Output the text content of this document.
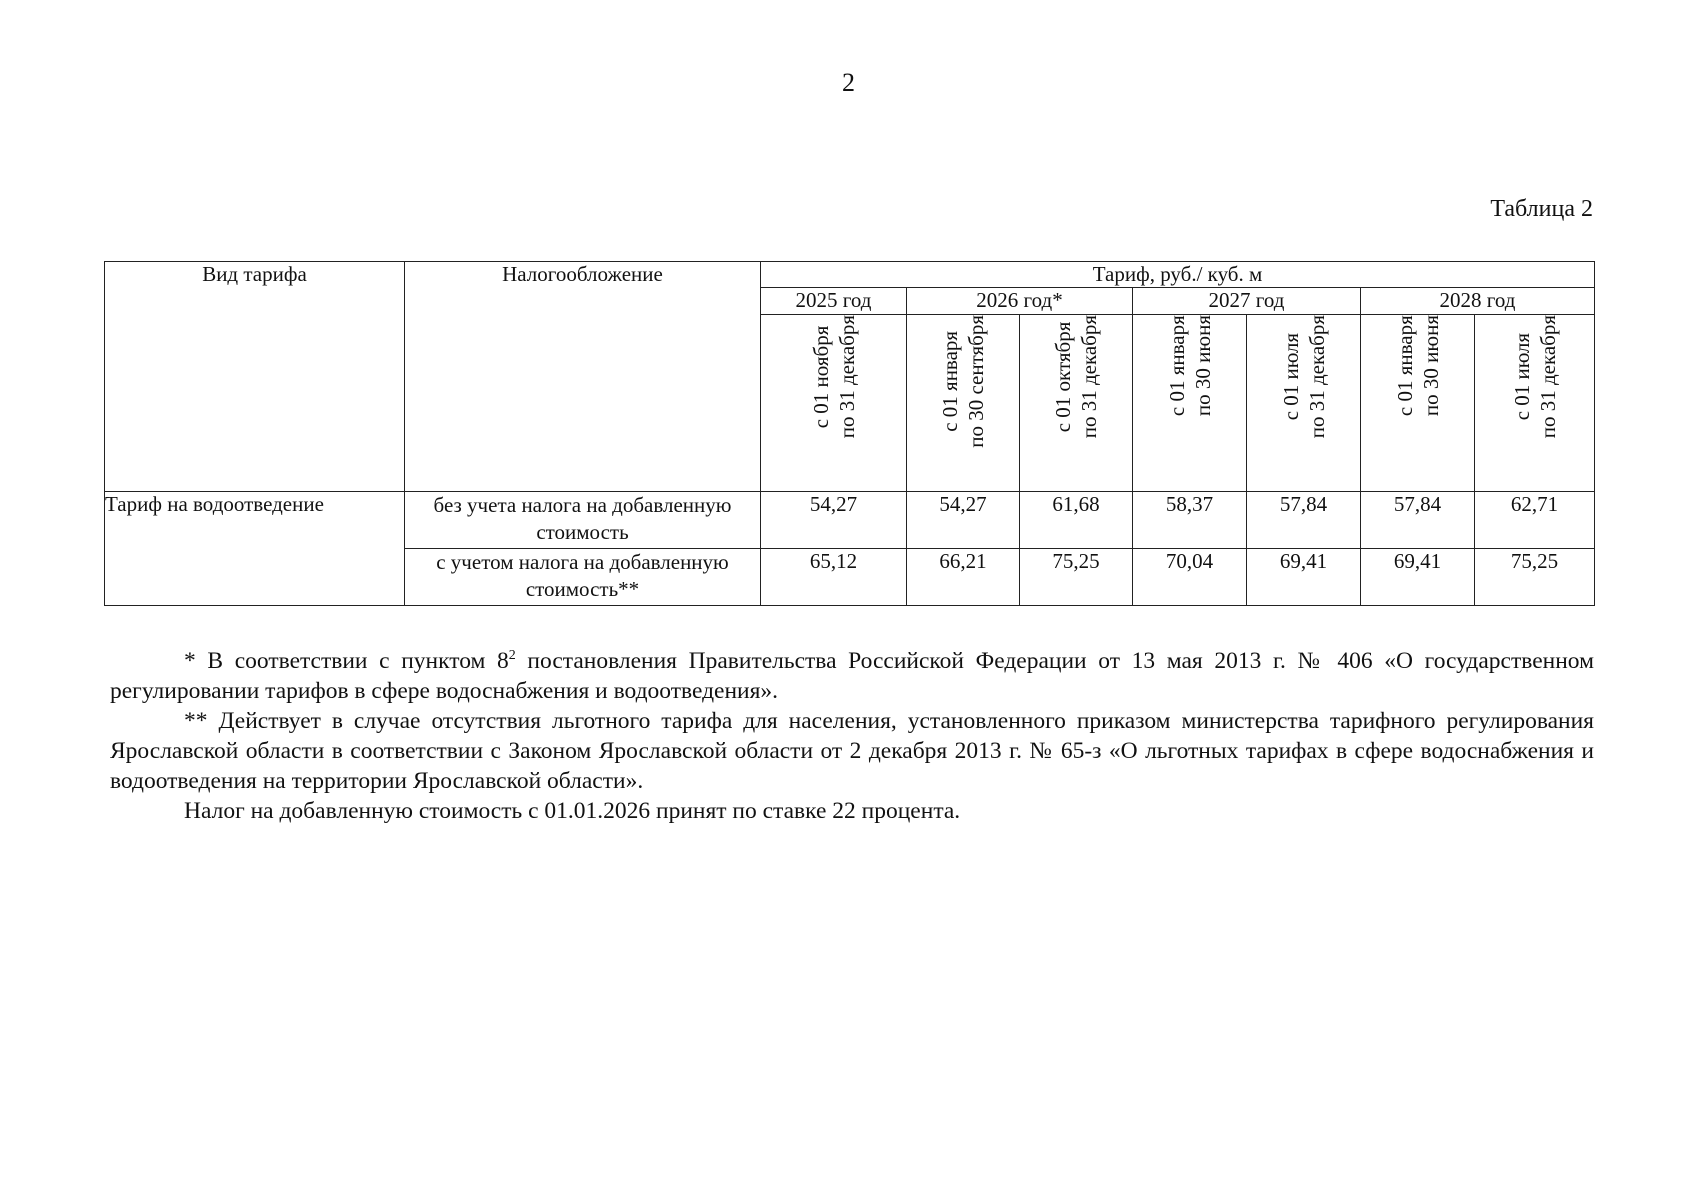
2
Таблица 2
Вид тарифа	Налогообложение	Тариф, руб./ куб. м						
		2025 год	2026 год*		2027 год		2028 год	

		с 01 ноября по 31 декабря	с 01 января по 30 сентября	с 01 октября по 31 декабря	с 01 января по 30 июня	с 01 июля по 31 декабря	с 01 января по 30 июня	с 01 июля по 31 декабря

Тариф на водоотведение	без учета налога на добавленную стоимость	54,27	54,27	61,68	58,37	57,84	57,84	62,71
	с учетом налога на добавленную стоимость**	65,12	66,21	75,25	70,04	69,41	69,41	75,25

* В соответствии с пунктом $8^2$ постановления Правительства Российской Федерации от 13 мая 2013 г. № 406 «О государственном регулировании тарифов в сфере водоснабжения и водоотведения».

** Действует в случае отсутствия льготного тарифа для населения, установленного приказом министерства тарифного регулирования Ярославской области в соответствии с Законом Ярославской области от 2 декабря 2013 г. № 65-з «О льготных тарифах в сфере водоснабжения и водоотведения на территории Ярославской области».

Налог на добавленную стоимость с 01.01.2026 принят по ставке 22 процента.
